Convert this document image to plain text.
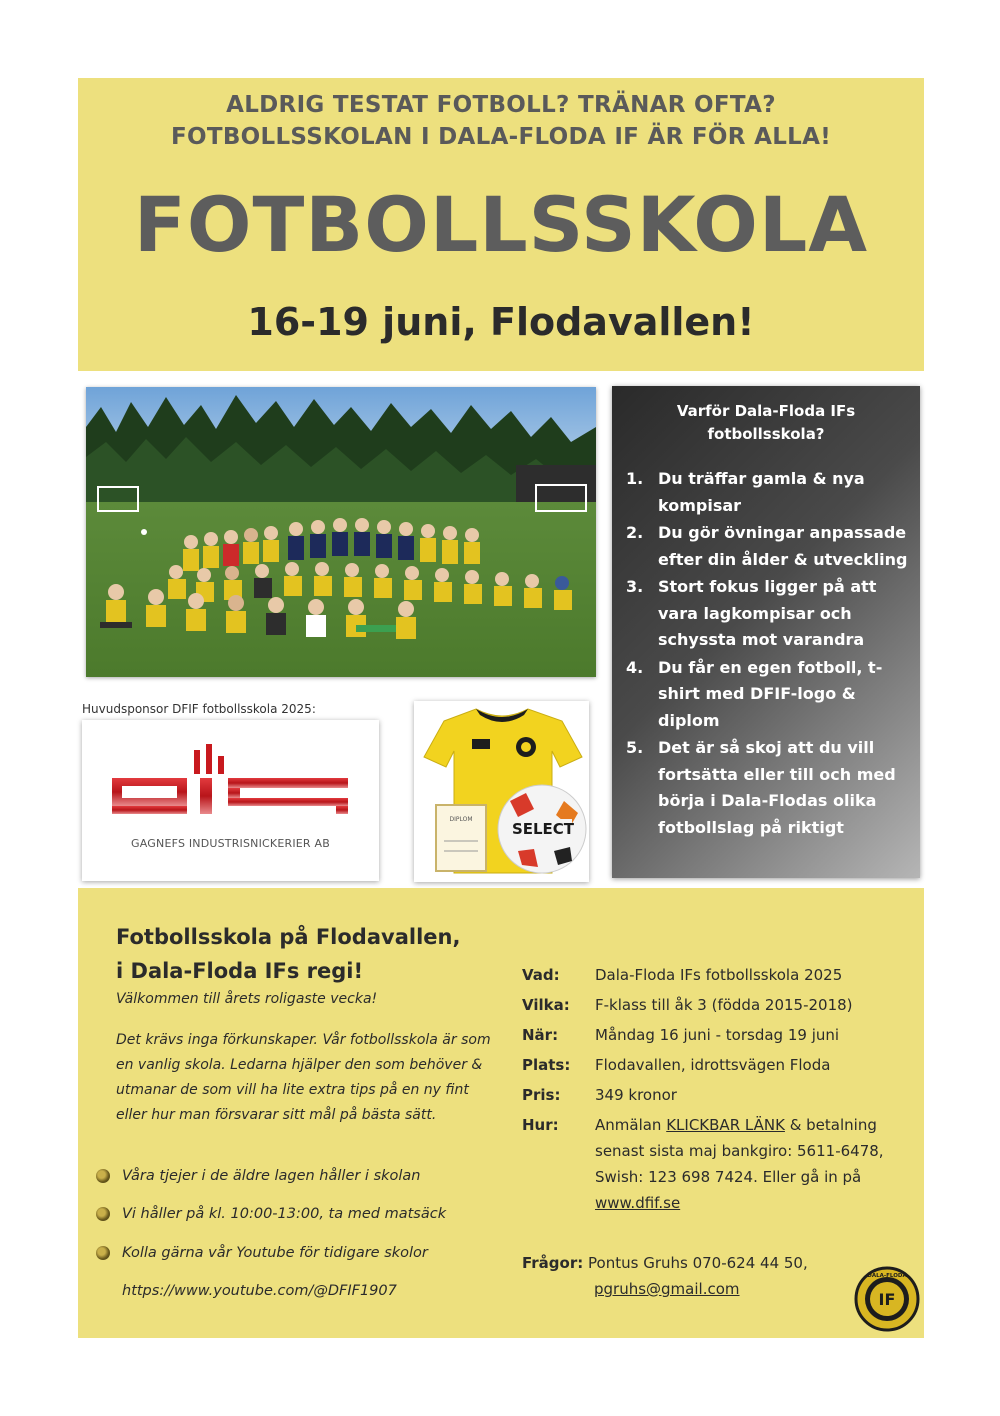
ALDRIG TESTAT FOTBOLL? TRÄNAR OFTA?
FOTBOLLSSKOLAN I DALA-FLODA IF ÄR FÖR ALLA!
FOTBOLLSSKOLA
16-19 juni, Flodavallen!
Huvudsponsor DFIF fotbollsskola 2025:
GAGNEFS INDUSTRISNICKERIER AB
DIPLOM
SELECT
Varför Dala-Floda IFs
fotbollsskola?
1. Du träffar gamla & nya kompisar
2. Du gör övningar anpassade efter din ålder & utveckling
3. Stort fokus ligger på att vara lagkompisar och schyssta mot varandra
4. Du får en egen fotboll, t-shirt med DFIF-logo & diplom
5. Det är så skoj att du vill fortsätta eller till och med börja i Dala-Flodas olika fotbollslag på riktigt
Fotbollsskola på Flodavallen,
i Dala-Floda IFs regi!
Välkommen till årets roligaste vecka!
Det krävs inga förkunskaper. Vår fotbollsskola är som en vanlig skola. Ledarna hjälper den som behöver & utmanar de som vill ha lite extra tips på en ny fint eller hur man försvarar sitt mål på bästa sätt.
Våra tjejer i de äldre lagen håller i skolan
Vi håller på kl. 10:00-13:00, ta med matsäck
Kolla gärna vår Youtube för tidigare skolor
https://www.youtube.com/@DFIF1907
Vad:	Dala-Floda IFs fotbollsskola 2025
Vilka:	F-klass till åk 3 (födda 2015-2018)
När:	Måndag 16 juni - torsdag 19 juni
Plats:	Flodavallen, idrottsvägen Floda
Pris:	349 kronor
Hur:	Anmälan KLICKBAR LÄNK & betalning senast sista maj bankgiro: 5611-6478, Swish: 123 698 7424. Eller gå in på www.dfif.se
Frågor: Pontus Gruhs 070-624 44 50,
pgruhs@gmail.com
IF
DALA-FLODA
